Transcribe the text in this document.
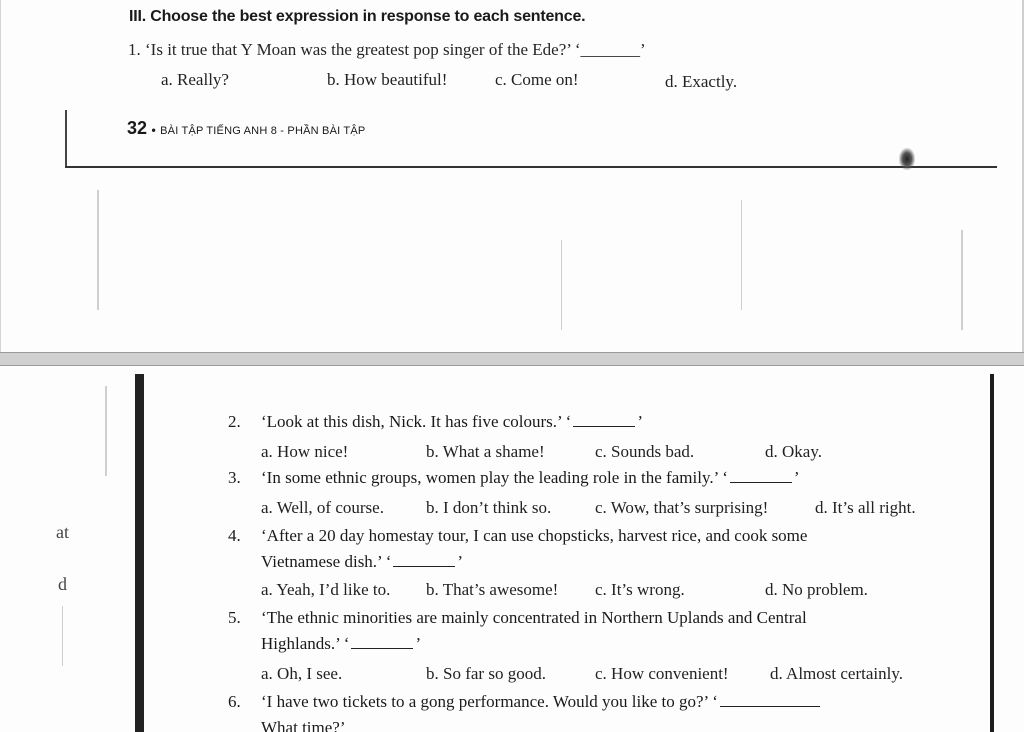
III. Choose the best expression in response to each sentence.
1. ‘Is it true that Y Moan was the greatest pop singer of the Ede?’ ‘_______’
a. Really?	b. How beautiful!	c. Come on!	d. Exactly.
32 • BÀI TẬP TIẾNG ANH 8 - PHẦN BÀI TẬP
at
d
2. ‘Look at this dish, Nick. It has five colours.’ ‘	’
a. How nice!	b. What a shame!	c. Sounds bad.	d. Okay.
3. ‘In some ethnic groups, women play the leading role in the family.’ ‘	’
a. Well, of course. b. I don’t think so.	c. Wow, that’s surprising!	d. It’s all right.
4. ‘After a 20 day homestay tour, I can use chopsticks, harvest rice, and cook some
Vietnamese dish.’ ‘	’
a. Yeah, I’d like to. b. That’s awesome! c. It’s wrong.	d. No problem.
5. ‘The ethnic minorities are mainly concentrated in Northern Uplands and Central
Highlands.’ ‘	’
a. Oh, I see.	b. So far so good.	c. How convenient! d. Almost certainly.
6. ‘I have two tickets to a gong performance. Would you like to go?’ ‘
What time?’
